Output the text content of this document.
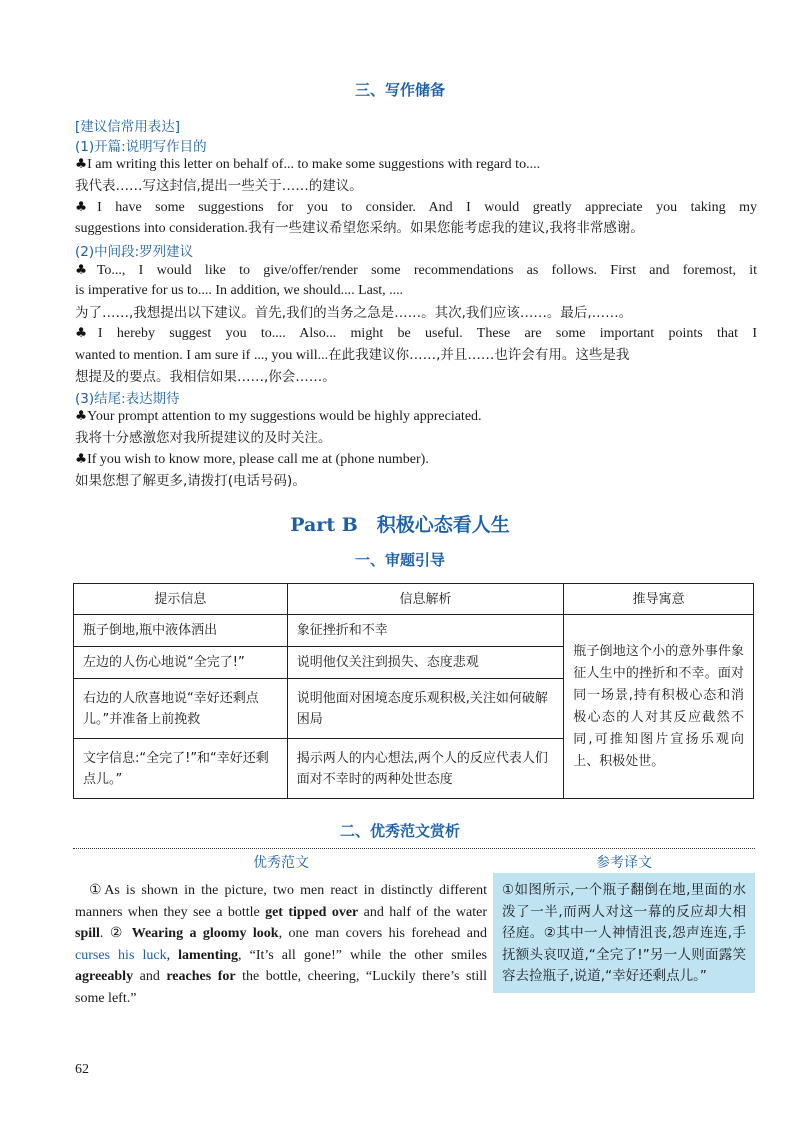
三、写作储备
[建议信常用表达]
(1)开篇:说明写作目的
♣I am writing this letter on behalf of... to make some suggestions with regard to....
我代表……写这封信,提出一些关于……的建议。
♣I have some suggestions for you to consider. And I would greatly appreciate you taking my
suggestions into consideration.我有一些建议希望您采纳。如果您能考虑我的建议,我将非常感谢。
(2)中间段:罗列建议
♣To..., I would like to give/offer/render some recommendations as follows. First and foremost, it
is imperative for us to.... In addition, we should.... Last, ....
为了……,我想提出以下建议。首先,我们的当务之急是……。其次,我们应该……。最后,……。
♣I hereby suggest you to.... Also... might be useful. These are some important points that I
wanted to mention. I am sure if ..., you will...在此我建议你……,并且……也许会有用。这些是我
想提及的要点。我相信如果……,你会……。
(3)结尾:表达期待
♣Your prompt attention to my suggestions would be highly appreciated.
我将十分感激您对我所提建议的及时关注。
♣If you wish to know more, please call me at (phone number).
如果您想了解更多,请拨打(电话号码)。
Part B　积极心态看人生
一、审题引导
提示信息	信息解析	推导寓意
瓶子倒地,瓶中液体洒出	象征挫折和不幸	瓶子倒地这个小的意外事件象征人生中的挫折和不幸。面对同一场景,持有积极心态和消极心态的人对其反应截然不同,可推知图片宣扬乐观向上、积极处世。
左边的人伤心地说“全完了!”	说明他仅关注到损失、态度悲观	
右边的人欣喜地说“幸好还剩点儿。”并准备上前挽救	说明他面对困境态度乐观积极,关注如何破解困局	
文字信息:“全完了!”和“幸好还剩点儿。”	揭示两人的内心想法,两个人的反应代表人们面对不幸时的两种处世态度	
二、优秀范文赏析
优秀范文	参考译文
①As is shown in the picture, two men react in distinctly different manners when they see a bottle get tipped over and half of the water spill. ② Wearing a gloomy look, one man covers his forehead and curses his luck, lamenting, “It’s all gone!” while the other smiles agreeably and reaches for the bottle, cheering, “Luckily there’s still some left.”
①如图所示,一个瓶子翻倒在地,里面的水泼了一半,而两人对这一幕的反应却大相径庭。②其中一人神情沮丧,怨声连连,手抚额头哀叹道,“全完了!”另一人则面露笑容去捡瓶子,说道,“幸好还剩点儿。”
62
